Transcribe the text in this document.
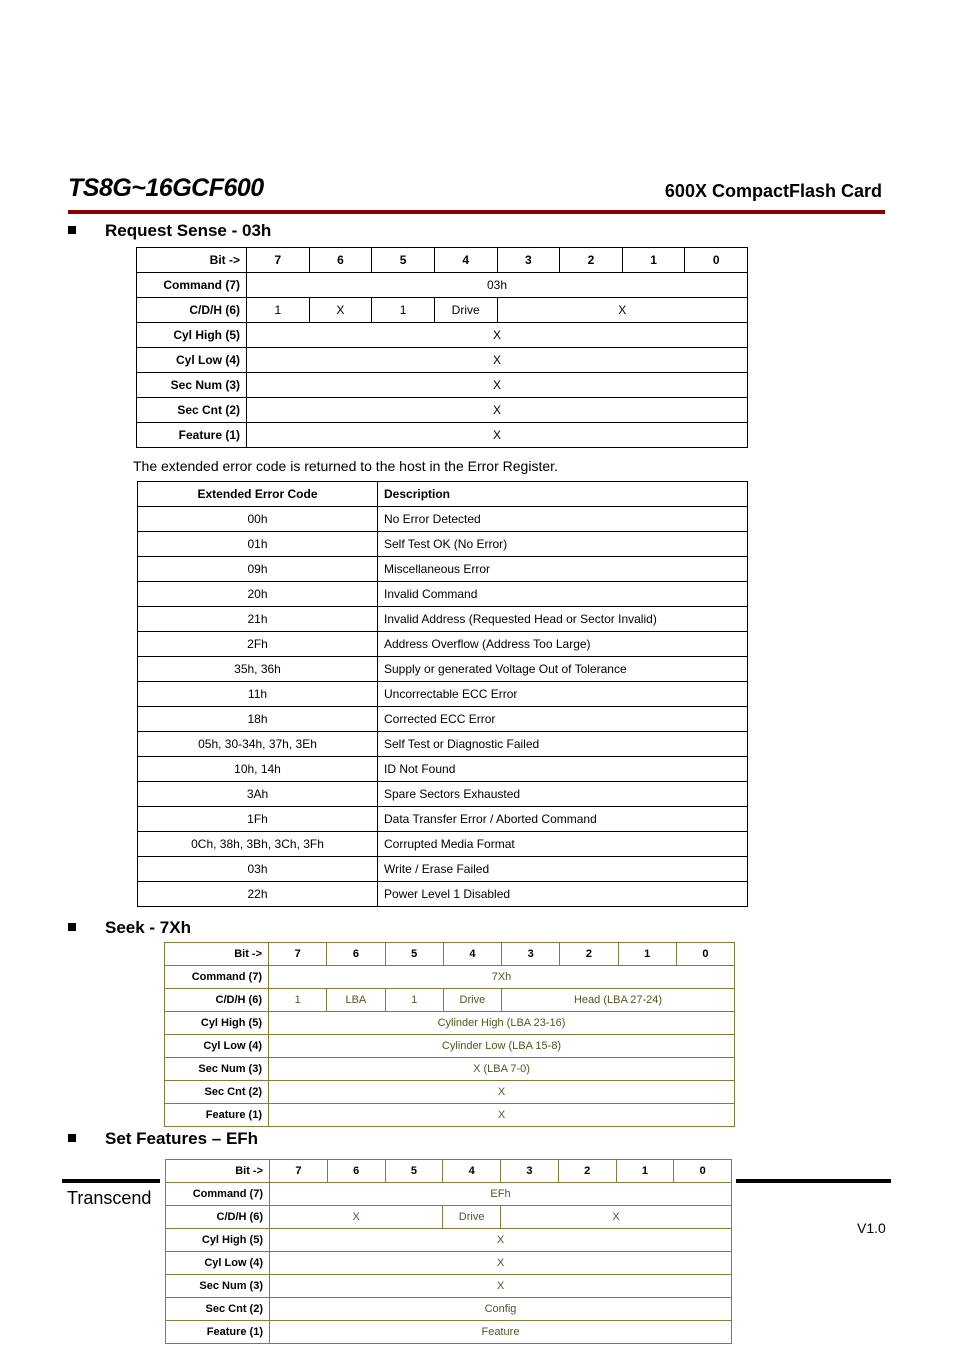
TS8G~16GCF600	600X CompactFlash Card
Request Sense - 03h
Bit ->	7	6	5	4	3	2	1	0
Command (7)	03h							
C/D/H (6)	1	X	1	Drive	X			
Cyl High (5)	X							
Cyl Low (4)	X							
Sec Num (3)	X							
Sec Cnt (2)	X							
Feature (1)	X							
The extended error code is returned to the host in the Error Register.
Extended Error Code	Description
00h	No Error Detected
01h	Self Test OK (No Error)
09h	Miscellaneous Error
20h	Invalid Command
21h	Invalid Address (Requested Head or Sector Invalid)
2Fh	Address Overflow (Address Too Large)
35h, 36h	Supply or generated Voltage Out of Tolerance
11h	Uncorrectable ECC Error
18h	Corrected ECC Error
05h, 30-34h, 37h, 3Eh	Self Test or Diagnostic Failed
10h, 14h	ID Not Found
3Ah	Spare Sectors Exhausted
1Fh	Data Transfer Error / Aborted Command
0Ch, 38h, 3Bh, 3Ch, 3Fh	Corrupted Media Format
03h	Write / Erase Failed
22h	Power Level 1 Disabled
Seek - 7Xh
Bit ->	7	6	5	4	3	2	1	0
Command (7)	7Xh							
C/D/H (6)	1	LBA	1	Drive	Head (LBA 27-24)			
Cyl High (5)	Cylinder High (LBA 23-16)							
Cyl Low (4)	Cylinder Low (LBA 15-8)							
Sec Num (3)	X (LBA 7-0)							
Sec Cnt (2)	X							
Feature (1)	X							
Set Features – EFh
Transcend
V1.0
Bit ->	7	6	5	4	3	2	1	0
Command (7)	EFh							
C/D/H (6)	X			Drive	X			
Cyl High (5)	X							
Cyl Low (4)	X							
Sec Num (3)	X							
Sec Cnt (2)	Config							
Feature (1)	Feature							
